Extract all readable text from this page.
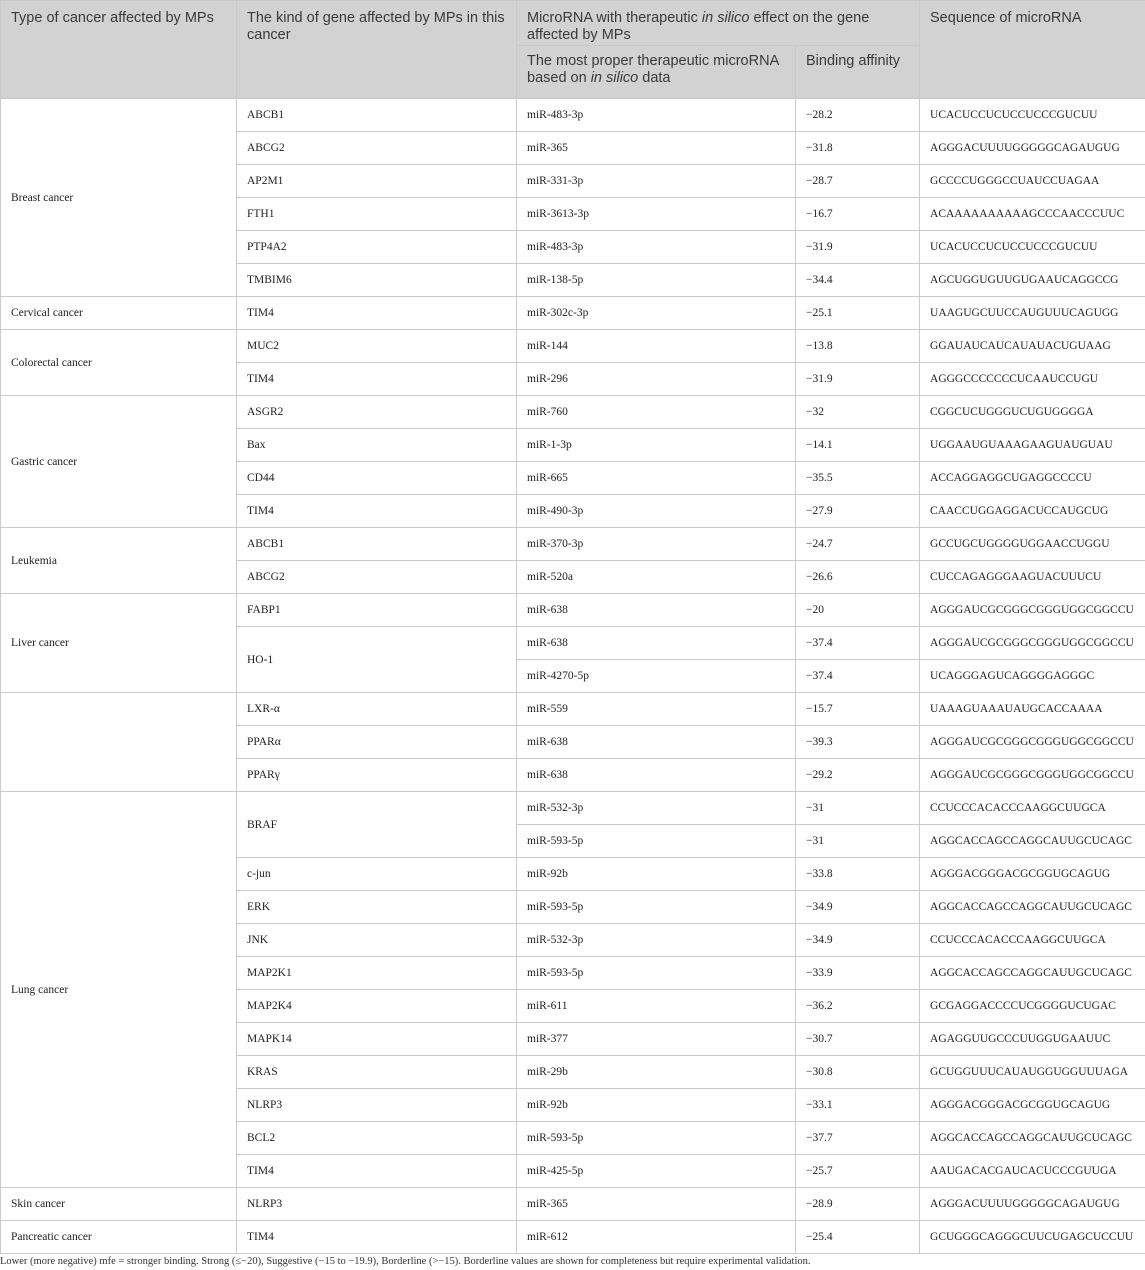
Type of cancer affected by MPs	The kind of gene affected by MPs in this cancer	MicroRNA with therapeutic in silico effect on the gene affected by MPs		Sequence of microRNA
		The most proper therapeutic microRNA based on in silico data	Binding affinity	
Breast cancer	ABCB1	miR-483-3p	−28.2	UCACUCCUCUCCUCCCGUCUU
	ABCG2	miR-365	−31.8	AGGGACUUUUGGGGGCAGAUGUG
	AP2M1	miR-331-3p	−28.7	GCCCCUGGGCCUAUCCUAGAA
	FTH1	miR-3613-3p	−16.7	ACAAAAAAAAAAGCCCAACCCUUC
	PTP4A2	miR-483-3p	−31.9	UCACUCCUCUCCUCCCGUCUU
	TMBIM6	miR-138-5p	−34.4	AGCUGGUGUUGUGAAUCAGGCCG
Cervical cancer	TIM4	miR-302c-3p	−25.1	UAAGUGCUUCCAUGUUUCAGUGG
Colorectal cancer	MUC2	miR-144	−13.8	GGAUAUCAUCAUAUACUGUAAG
	TIM4	miR-296	−31.9	AGGGCCCCCCCUCAAUCCUGU
Gastric cancer	ASGR2	miR-760	−32	CGGCUCUGGGUCUGUGGGGA
	Bax	miR-1-3p	−14.1	UGGAAUGUAAAGAAGUAUGUAU
	CD44	miR-665	−35.5	ACCAGGAGGCUGAGGCCCCU
	TIM4	miR-490-3p	−27.9	CAACCUGGAGGACUCCAUGCUG
Leukemia	ABCB1	miR-370-3p	−24.7	GCCUGCUGGGGUGGAACCUGGU
	ABCG2	miR-520a	−26.6	CUCCAGAGGGAAGUACUUUCU
Liver cancer	FABP1	miR-638	−20	AGGGAUCGCGGGCGGGUGGCGGCCU
	HO-1	miR-638	−37.4	AGGGAUCGCGGGCGGGUGGCGGCCU
		miR-4270-5p	−37.4	UCAGGGAGUCAGGGGAGGGC
	LXR-α	miR-559	−15.7	UAAAGUAAAUAUGCACCAAAA
	PPARα	miR-638	−39.3	AGGGAUCGCGGGCGGGUGGCGGCCU
	PPARγ	miR-638	−29.2	AGGGAUCGCGGGCGGGUGGCGGCCU
Lung cancer	BRAF	miR-532-3p	−31	CCUCCCACACCCAAGGCUUGCA
		miR-593-5p	−31	AGGCACCAGCCAGGCAUUGCUCAGC
	c-jun	miR-92b	−33.8	AGGGACGGGACGCGGUGCAGUG
	ERK	miR-593-5p	−34.9	AGGCACCAGCCAGGCAUUGCUCAGC
	JNK	miR-532-3p	−34.9	CCUCCCACACCCAAGGCUUGCA
	MAP2K1	miR-593-5p	−33.9	AGGCACCAGCCAGGCAUUGCUCAGC
	MAP2K4	miR-611	−36.2	GCGAGGACCCCUCGGGGUCUGAC
	MAPK14	miR-377	−30.7	AGAGGUUGCCCUUGGUGAAUUC
	KRAS	miR-29b	−30.8	GCUGGUUUCAUAUGGUGGUUUAGA
	NLRP3	miR-92b	−33.1	AGGGACGGGACGCGGUGCAGUG
	BCL2	miR-593-5p	−37.7	AGGCACCAGCCAGGCAUUGCUCAGC
	TIM4	miR-425-5p	−25.7	AAUGACACGAUCACUCCCGUUGA
Skin cancer	NLRP3	miR-365	−28.9	AGGGACUUUUGGGGGCAGAUGUG
Pancreatic cancer	TIM4	miR-612	−25.4	GCUGGGCAGGGCUUCUGAGCUCCUU
Lower (more negative) mfe = stronger binding. Strong (≤−20), Suggestive (−15 to −19.9), Borderline (>−15). Borderline values are shown for completeness but require experimental validation.
